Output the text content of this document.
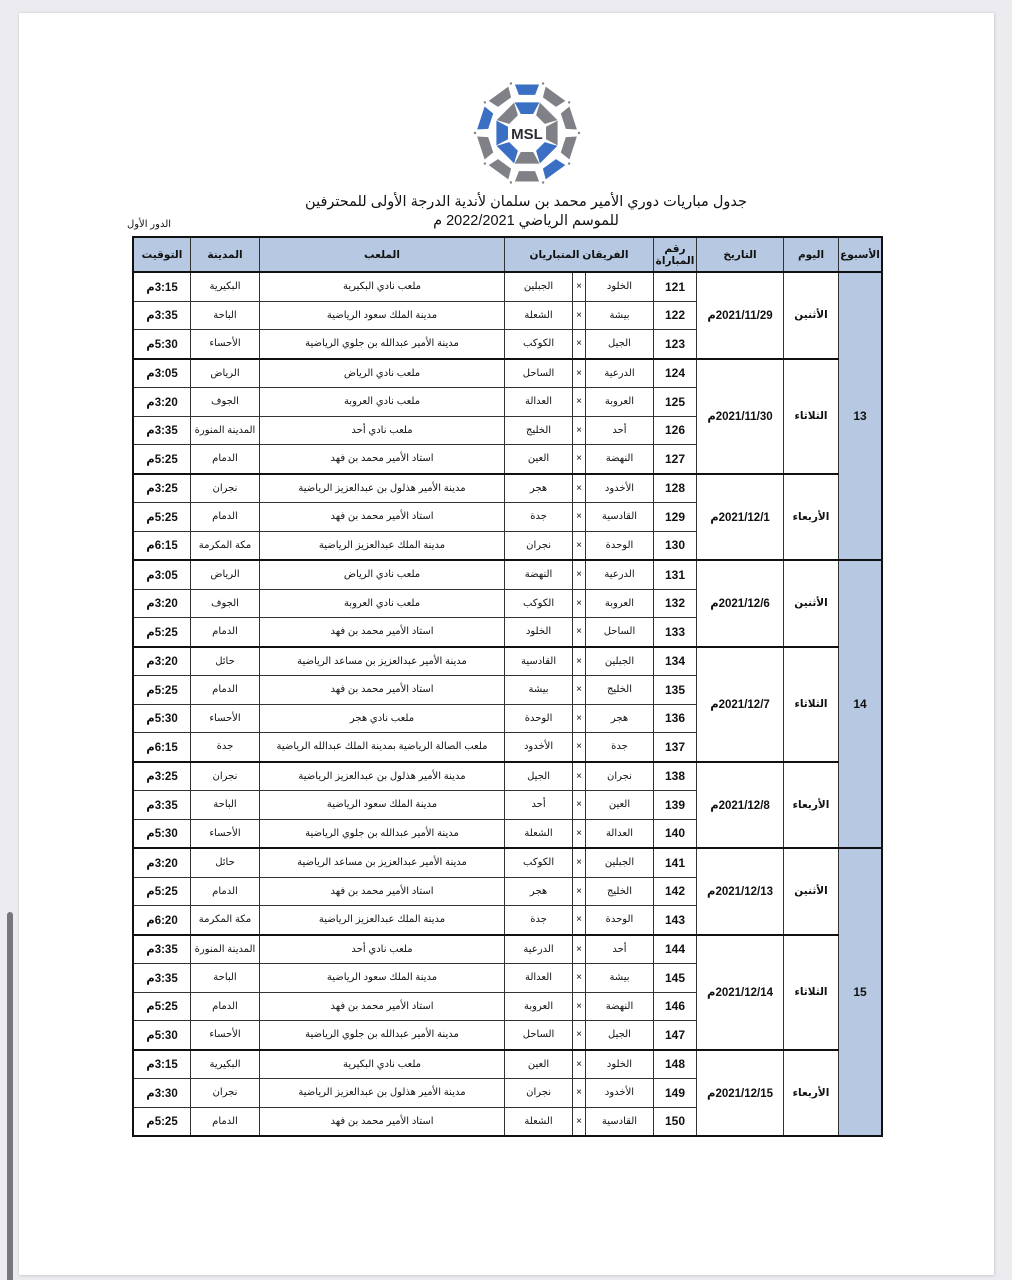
MSL
جدول مباريات دوري الأمير محمد بن سلمان لأندية الدرجة الأولى للمحترفين
للموسم الرياضي 2022/2021 م
الدور الأول
الأسبوع	اليوم	التاريخ	رقم المباراة	الفريقان المتباريان			الملعب	المدينة	التوقيت
13	الأثنين	2021/11/29م	121	الخلود	×	الجبلين	ملعب نادي البكيرية	البكيرية	3:15م
			122	بيشة	×	الشعلة	مدينة الملك سعود الرياضية	الباحة	3:35م
			123	الجيل	×	الكوكب	مدينة الأمير عبدالله بن جلوي الرياضية	الأحساء	5:30م
	الثلاثاء	2021/11/30م	124	الدرعية	×	الساحل	ملعب نادي الرياض	الرياض	3:05م
			125	العروبة	×	العدالة	ملعب نادي العروبة	الجوف	3:20م
			126	أحد	×	الخليج	ملعب نادي أحد	المدينة المنورة	3:35م
			127	النهضة	×	العين	استاد الأمير محمد بن فهد	الدمام	5:25م
	الأربعاء	2021/12/1م	128	الأخدود	×	هجر	مدينة الأمير هذلول بن عبدالعزيز الرياضية	نجران	3:25م
			129	القادسية	×	جدة	استاد الأمير محمد بن فهد	الدمام	5:25م
			130	الوحدة	×	نجران	مدينة الملك عبدالعزيز الرياضية	مكة المكرمة	6:15م
14	الأثنين	2021/12/6م	131	الدرعية	×	النهضة	ملعب نادي الرياض	الرياض	3:05م
			132	العروبة	×	الكوكب	ملعب نادي العروبة	الجوف	3:20م
			133	الساحل	×	الخلود	استاد الأمير محمد بن فهد	الدمام	5:25م
	الثلاثاء	2021/12/7م	134	الجبلين	×	القادسية	مدينة الأمير عبدالعزيز بن مساعد الرياضية	حائل	3:20م
			135	الخليج	×	بيشة	استاد الأمير محمد بن فهد	الدمام	5:25م
			136	هجر	×	الوحدة	ملعب نادي هجر	الأحساء	5:30م
			137	جدة	×	الأخدود	ملعب الصالة الرياضية بمدينة الملك عبدالله الرياضية	جدة	6:15م
	الأربعاء	2021/12/8م	138	نجران	×	الجيل	مدينة الأمير هذلول بن عبدالعزيز الرياضية	نجران	3:25م
			139	العين	×	أحد	مدينة الملك سعود الرياضية	الباحة	3:35م
			140	العدالة	×	الشعلة	مدينة الأمير عبدالله بن جلوي الرياضية	الأحساء	5:30م
15	الأثنين	2021/12/13م	141	الجبلين	×	الكوكب	مدينة الأمير عبدالعزيز بن مساعد الرياضية	حائل	3:20م
			142	الخليج	×	هجر	استاد الأمير محمد بن فهد	الدمام	5:25م
			143	الوحدة	×	جدة	مدينة الملك عبدالعزيز الرياضية	مكة المكرمة	6:20م
	الثلاثاء	2021/12/14م	144	أحد	×	الدرعية	ملعب نادي أحد	المدينة المنورة	3:35م
			145	بيشة	×	العدالة	مدينة الملك سعود الرياضية	الباحة	3:35م
			146	النهضة	×	العروبة	استاد الأمير محمد بن فهد	الدمام	5:25م
			147	الجيل	×	الساحل	مدينة الأمير عبدالله بن جلوي الرياضية	الأحساء	5:30م
	الأربعاء	2021/12/15م	148	الخلود	×	العين	ملعب نادي البكيرية	البكيرية	3:15م
			149	الأخدود	×	نجران	مدينة الأمير هذلول بن عبدالعزيز الرياضية	نجران	3:30م
			150	القادسية	×	الشعلة	استاد الأمير محمد بن فهد	الدمام	5:25م
